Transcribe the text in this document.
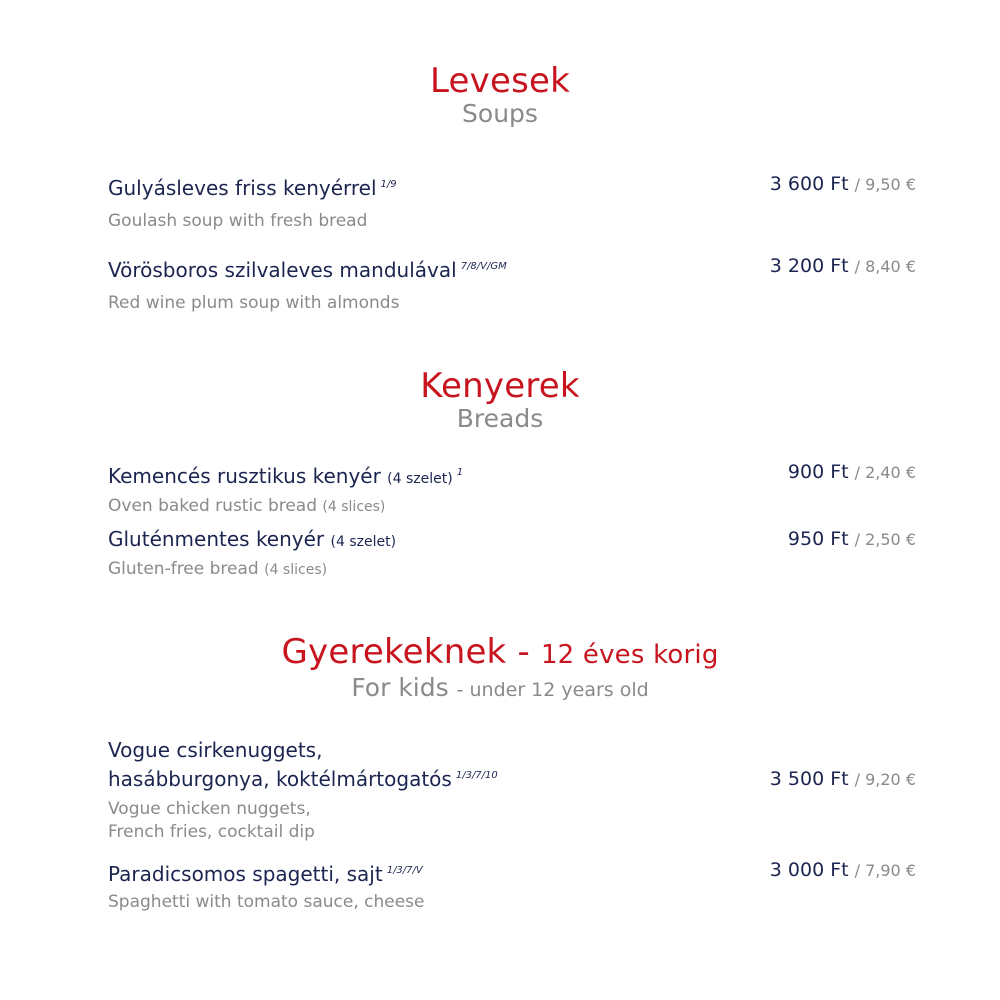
Levesek
Soups
Gulyásleves friss kenyérrel $^{1/9}$
Goulash soup with fresh bread
3 600 Ft / 9,50 €
Vörösboros szilvaleves mandulával $^{7/8/V/GM}$
Red wine plum soup with almonds
3 200 Ft / 8,40 €
Kenyerek
Breads
Kemencés rusztikus kenyér (4 szelet) $^1$
Oven baked rustic bread (4 slices)
900 Ft / 2,40 €
Gluténmentes kenyér (4 szelet)
Gluten-free bread (4 slices)
950 Ft / 2,50 €
Gyerekeknek - 12 éves korig
For kids - under 12 years old
Vogue csirkenuggets,
hasábburgonya, koktélmártogatós $^{1/3/7/10}$
Vogue chicken nuggets,
French fries, cocktail dip
3 500 Ft / 9,20 €
Paradicsomos spagetti, sajt $^{1/3/7/V}$
Spaghetti with tomato sauce, cheese
3 000 Ft / 7,90 €
